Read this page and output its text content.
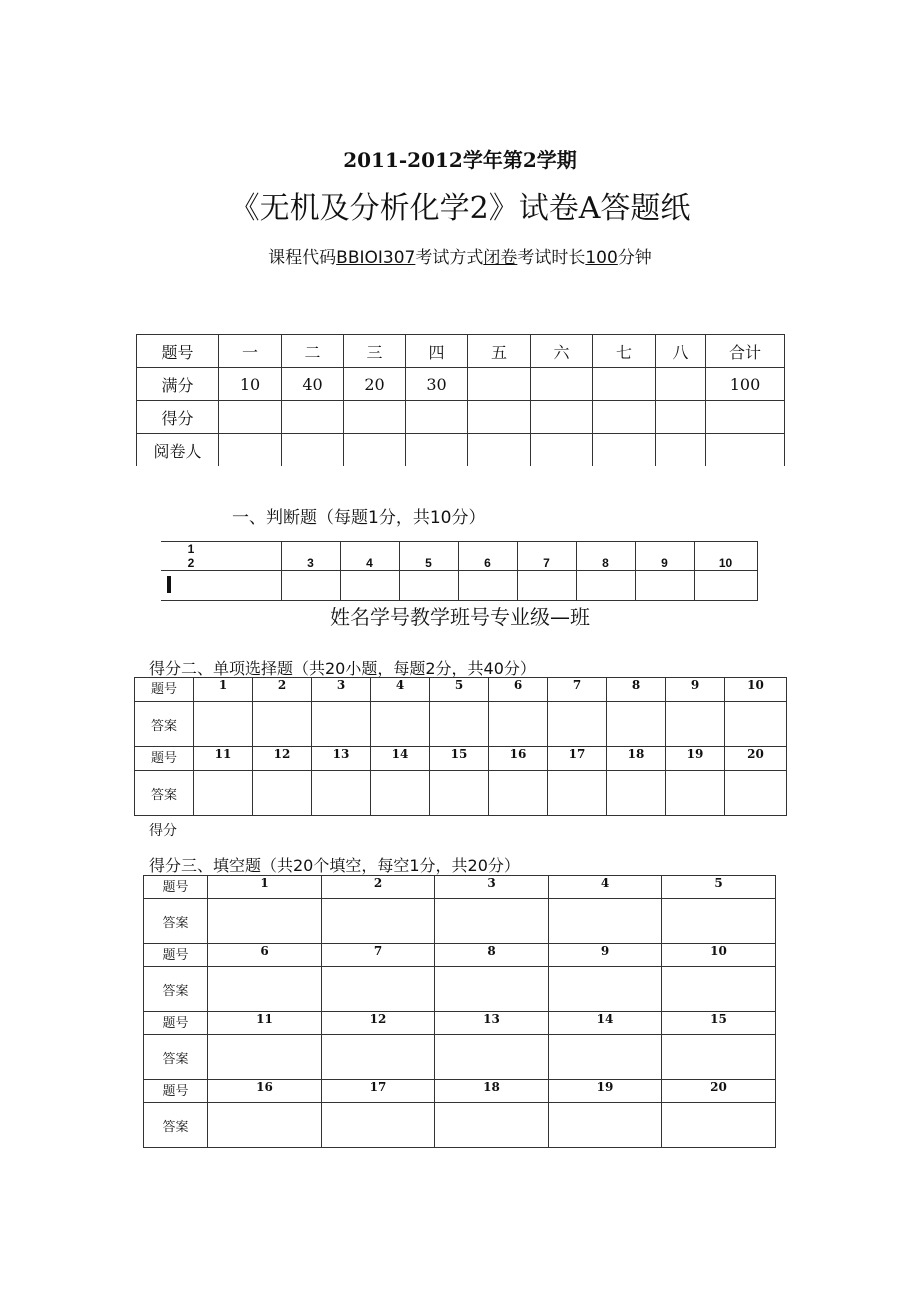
2011-2012学年第2学期
《无机及分析化学2》试卷A答题纸
课程代码BBIOI307考试方式闭卷考试时长100分钟
题号	一	二	三	四	五	六	七	八	合计
满分	10	40	20	30					100
得分									
阅卷人									
一、判断题（每题1分，共10分）
12	3	4	5	6	7	8	9	10

姓名学号教学班号专业级—班
得分二、单项选择题（共20小题，每题2分，共40分）
题号	1	2	3	4	5	6	7	8	9	10
答案										
题号	11	12	13	14	15	16	17	18	19	20
答案										
得分
得分三、填空题（共20个填空，每空1分，共20分）
题号	1	2	3	4	5
答案					
题号	6	7	8	9	10
答案					
题号	11	12	13	14	15
答案					
题号	16	17	18	19	20
答案					
